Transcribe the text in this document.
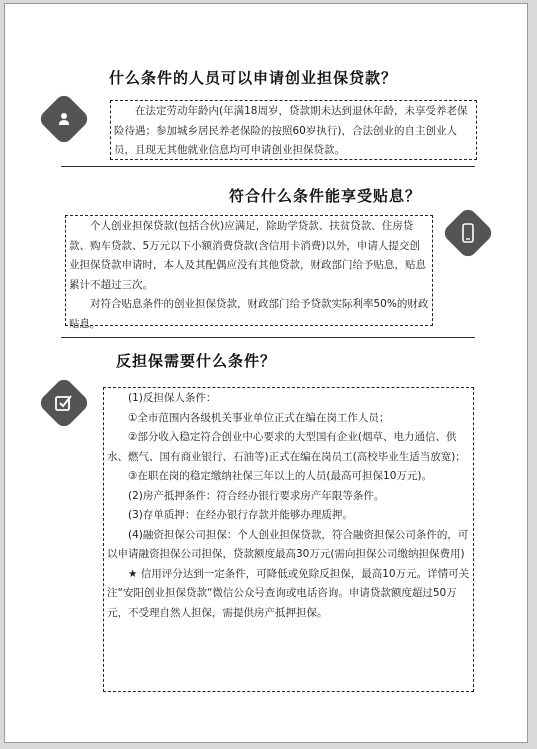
什么条件的人员可以申请创业担保贷款？

在法定劳动年龄内(年满18周岁，贷款期未达到退休年龄，未享受养老保险待遇；参加城乡居民养老保险的按照60岁执行)，合法创业的自主创业人员，且现无其他就业信息均可申请创业担保贷款。

符合什么条件能享受贴息？

个人创业担保贷款(包括合伙)应满足，除助学贷款、扶贫贷款、住房贷款、购车贷款、5万元以下小额消费贷款(含信用卡消费)以外，申请人提交创业担保贷款申请时，本人及其配偶应没有其他贷款，财政部门给予贴息，贴息累计不超过三次。

对符合贴息条件的创业担保贷款，财政部门给予贷款实际利率50%的财政贴息。

反担保需要什么条件？

(1)反担保人条件：

①全市范围内各级机关事业单位正式在编在岗工作人员；

②部分收入稳定符合创业中心要求的大型国有企业(烟草、电力通信、供水、燃气、国有商业银行、石油等)正式在编在岗员工(高校毕业生适当放宽)；

③在职在岗的稳定缴纳社保三年以上的人员(最高可担保10万元)。

(2)房产抵押条件：符合经办银行要求房产年限等条件。

(3)存单质押：在经办银行存款并能够办理质押。

(4)融资担保公司担保：个人创业担保贷款，符合融资担保公司条件的，可以申请融资担保公司担保，贷款额度最高30万元(需向担保公司缴纳担保费用)

★ 信用评分达到一定条件，可降低或免除反担保，最高10万元。详情可关注“安阳创业担保贷款“微信公众号查询或电话咨询。申请贷款额度超过50万元，不受理自然人担保，需提供房产抵押担保。
